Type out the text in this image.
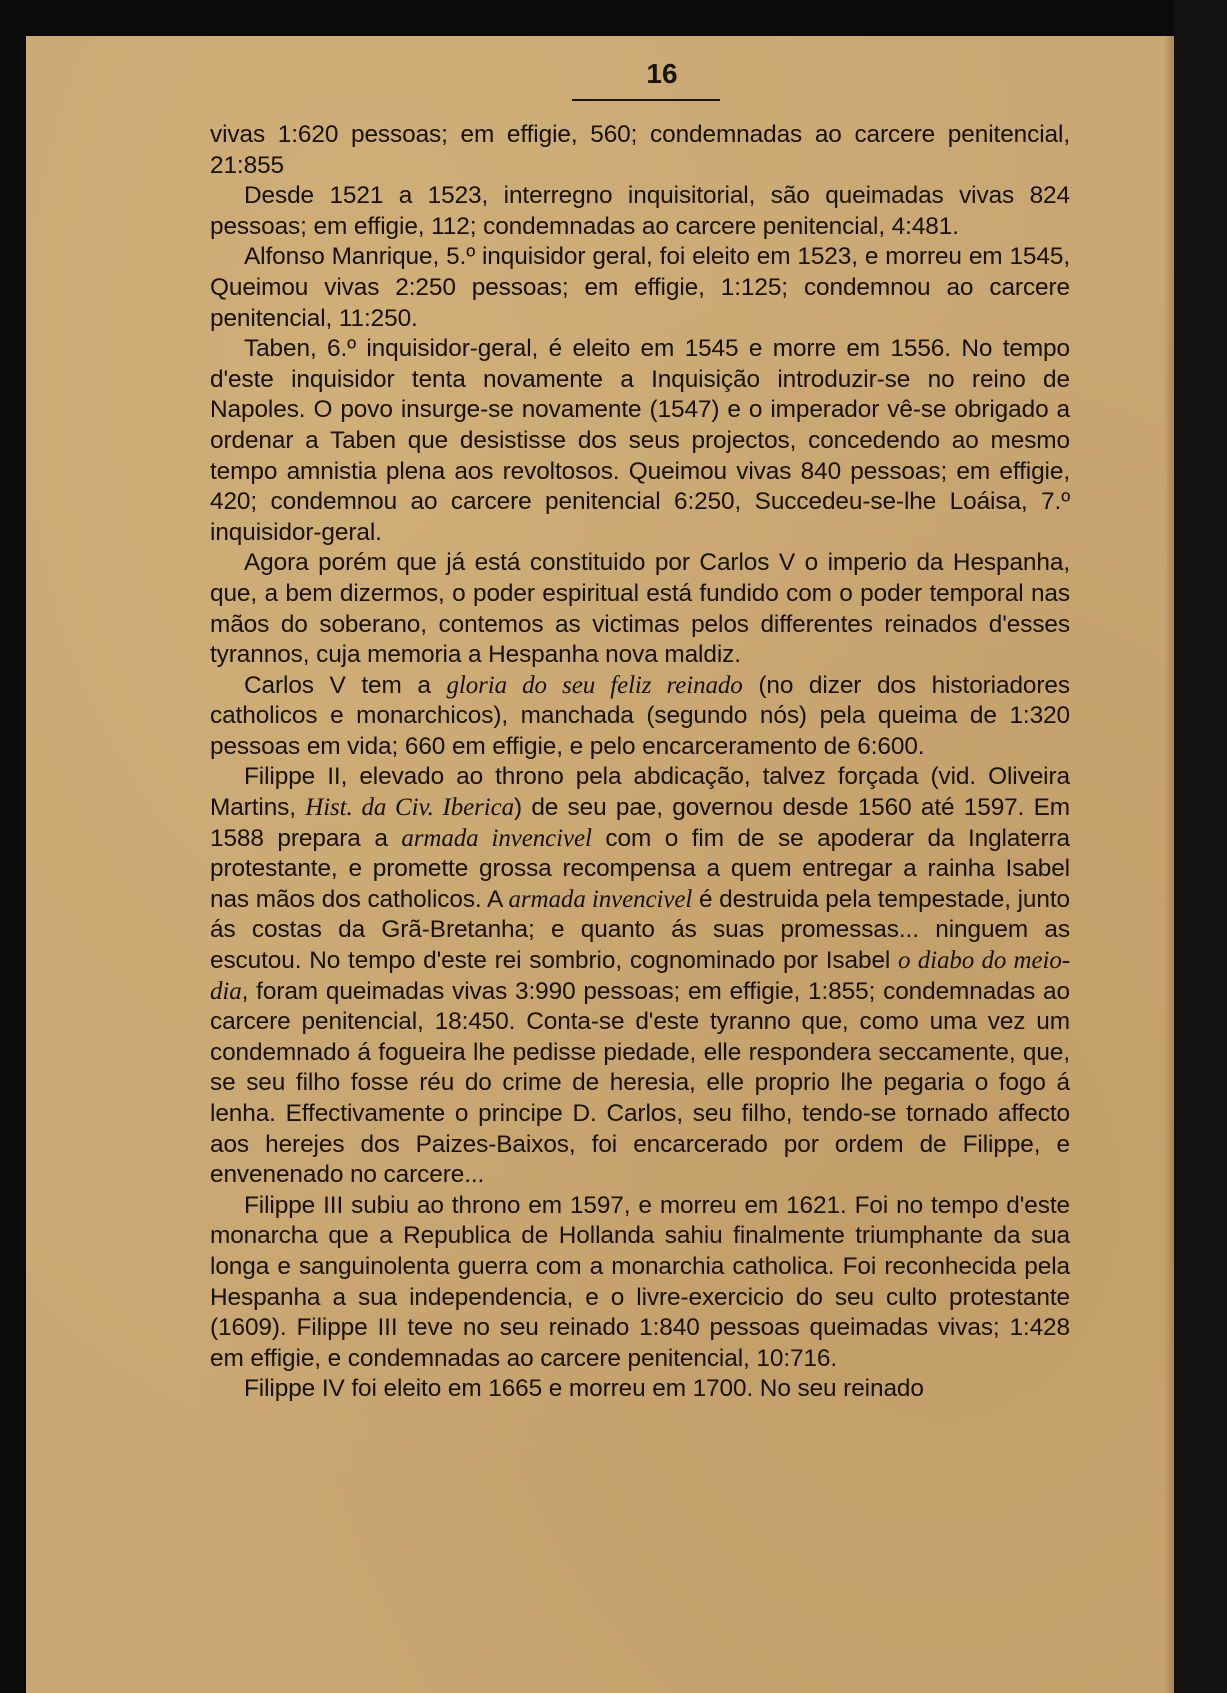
16

vivas 1:620 pessoas; em effigie, 560; condemnadas ao carcere penitencial, 21:855

Desde 1521 a 1523, interregno inquisitorial, são queimadas vivas 824 pessoas; em effigie, 112; condemnadas ao carcere penitencial, 4:481.

Alfonso Manrique, 5.º inquisidor geral, foi eleito em 1523, e morreu em 1545, Queimou vivas 2:250 pessoas; em effigie, 1:125; condemnou ao carcere penitencial, 11:250.

Taben, 6.º inquisidor-geral, é eleito em 1545 e morre em 1556. No tempo d'este inquisidor tenta novamente a Inquisição introduzir-se no reino de Napoles. O povo insurge-se novamente (1547) e o imperador vê-se obrigado a ordenar a Taben que desistisse dos seus projectos, concedendo ao mesmo tempo amnistia plena aos revoltosos. Queimou vivas 840 pessoas; em effigie, 420; condemnou ao carcere penitencial 6:250, Succedeu-se-lhe Loáisa, 7.º inquisidor-geral.

Agora porém que já está constituido por Carlos V o imperio da Hespanha, que, a bem dizermos, o poder espiritual está fundido com o poder temporal nas mãos do soberano, contemos as victimas pelos differentes reinados d'esses tyrannos, cuja memoria a Hespanha nova maldiz.

Carlos V tem a gloria do seu feliz reinado (no dizer dos historiadores catholicos e monarchicos), manchada (segundo nós) pela queima de 1:320 pessoas em vida; 660 em effigie, e pelo encarceramento de 6:600.

Filippe II, elevado ao throno pela abdicação, talvez forçada (vid. Oliveira Martins, Hist. da Civ. Iberica) de seu pae, governou desde 1560 até 1597. Em 1588 prepara a armada invencivel com o fim de se apoderar da Inglaterra protestante, e promette grossa recompensa a quem entregar a rainha Isabel nas mãos dos catholicos. A armada invencivel é destruida pela tempestade, junto ás costas da Grã-Bretanha; e quanto ás suas promessas... ninguem as escutou. No tempo d'este rei sombrio, cognominado por Isabel o diabo do meio-dia, foram queimadas vivas 3:990 pessoas; em effigie, 1:855; condemnadas ao carcere penitencial, 18:450. Conta-se d'este tyranno que, como uma vez um condemnado á fogueira lhe pedisse piedade, elle respondera seccamente, que, se seu filho fosse réu do crime de heresia, elle proprio lhe pegaria o fogo á lenha. Effectivamente o principe D. Carlos, seu filho, tendo-se tornado affecto aos herejes dos Paizes-Baixos, foi encarcerado por ordem de Filippe, e envenenado no carcere...

Filippe III subiu ao throno em 1597, e morreu em 1621. Foi no tempo d'este monarcha que a Republica de Hollanda sahiu finalmente triumphante da sua longa e sanguinolenta guerra com a monarchia catholica. Foi reconhecida pela Hespanha a sua independencia, e o livre-exercicio do seu culto protestante (1609). Filippe III teve no seu reinado 1:840 pessoas queimadas vivas; 1:428 em effigie, e condemnadas ao carcere penitencial, 10:716.

Filippe IV foi eleito em 1665 e morreu em 1700. No seu reinado
